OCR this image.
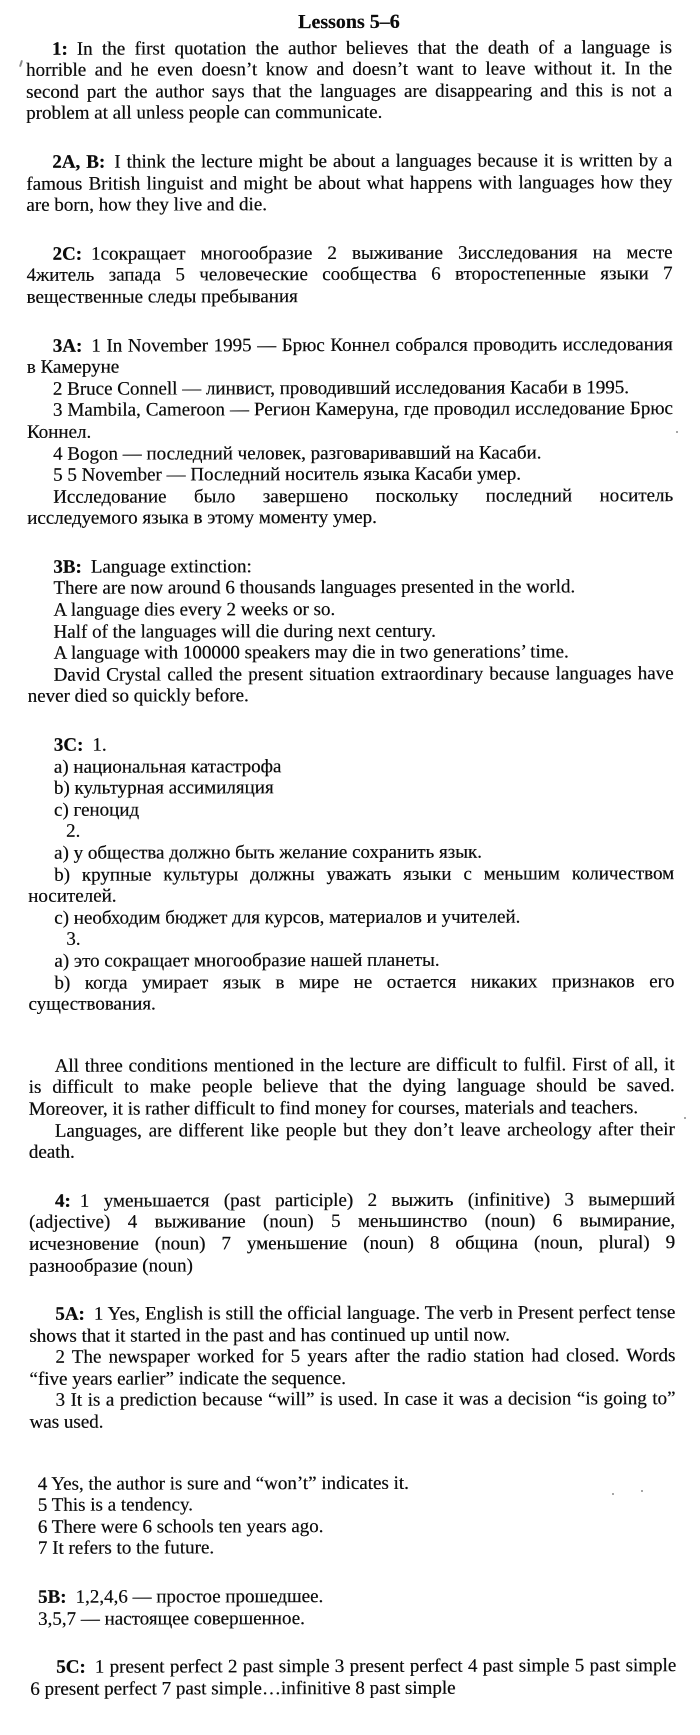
Lessons 5–6

1: In the first quotation the author believes that the death of a language is horrible and he even doesn’t know and doesn’t want to leave without it. In the second part the author says that the languages are disappearing and this is not a problem at all unless people can communicate.

2A, B: I think the lecture might be about a languages because it is written by a famous British linguist and might be about what happens with languages how they are born, how they live and die.

2C: 1сокращает многообразие 2 выживание 3исследования на месте 4житель запада 5 человеческие сообщества 6 второстепенные языки 7 вещественные следы пребывания

3A: 1 In November 1995 — Брюс Коннел собрался проводить исследования в Камеруне

2 Bruce Connell — линвист, проводивший исследования Касаби в 1995.

3 Mambila, Cameroon — Регион Камеруна, где проводил исследование Брюс Коннел.

4 Bogon — последний человек, разговаривавший на Касаби.

5 5 November — Последний носитель языка Касаби умер.

Исследование было завершено поскольку последний носитель исследуемого языка в этому моменту умер.

3B: Language extinction:

There are now around 6 thousands languages presented in the world.

A language dies every 2 weeks or so.

Half of the languages will die during next century.

A language with 100000 speakers may die in two generations’ time.

David Crystal called the present situation extraordinary because languages have never died so quickly before.

3C: 1.

a) национальная катастрофа

b) культурная ассимиляция

c) геноцид

2.

a) у общества должно быть желание сохранить язык.

b) крупные культуры должны уважать языки с меньшим количеством носителей.

c) необходим бюджет для курсов, материалов и учителей.

3.

a) это сокращает многообразие нашей планеты.

b) когда умирает язык в мире не остается никаких признаков его существования.

All three conditions mentioned in the lecture are difficult to fulfil. First of all, it is difficult to make people believe that the dying language should be saved. Moreover, it is rather difficult to find money for courses, materials and teachers.

Languages, are different like people but they don’t leave archeology after their death.

4: 1 уменьшается (past participle) 2 выжить (infinitive) 3 вымерший (adjective) 4 выживание (noun) 5 меньшинство (noun) 6 вымирание, исчезновение (noun) 7 уменьшение (noun) 8 община (noun, plural) 9 разнообразие (noun)

5A: 1 Yes, English is still the official language. The verb in Present perfect tense shows that it started in the past and has continued up until now.

2 The newspaper worked for 5 years after the radio station had closed. Words “five years earlier” indicate the sequence.

3 It is a prediction because “will” is used. In case it was a decision “is going to” was used.

4 Yes, the author is sure and “won’t” indicates it.

5 This is a tendency.

6 There were 6 schools ten years ago.

7 It refers to the future.

5B: 1,2,4,6 — простое прошедшее.

3,5,7 — настоящее совершенное.

5C: 1 present perfect 2 past simple 3 present perfect 4 past simple 5 past simple 6 present perfect 7 past simple…infinitive 8 past simple
